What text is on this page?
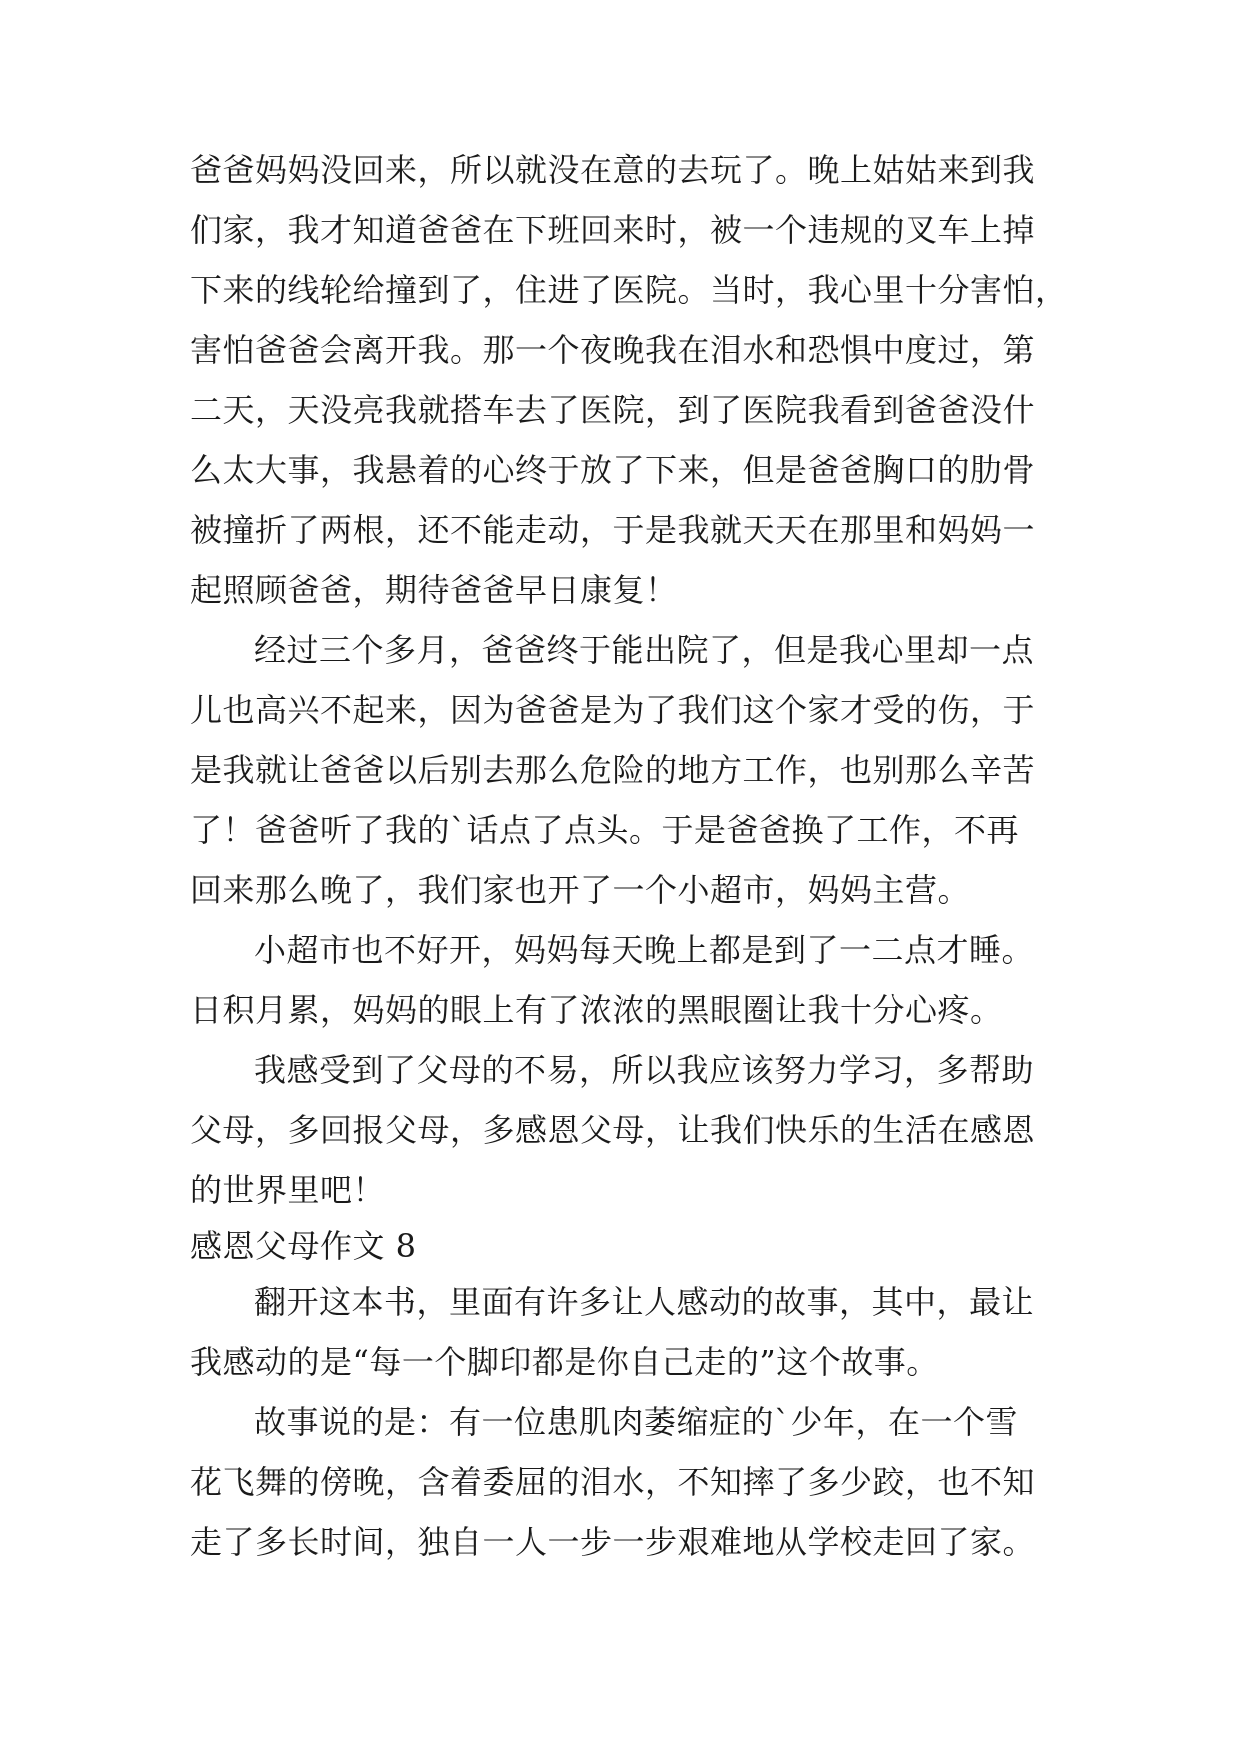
爸爸妈妈没回来，所以就没在意的去玩了。晚上姑姑来到我
们家，我才知道爸爸在下班回来时，被一个违规的叉车上掉
下来的线轮给撞到了，住进了医院。当时，我心里十分害怕，
害怕爸爸会离开我。那一个夜晚我在泪水和恐惧中度过，第
二天，天没亮我就搭车去了医院，到了医院我看到爸爸没什
么太大事，我悬着的心终于放了下来，但是爸爸胸口的肋骨
被撞折了两根，还不能走动，于是我就天天在那里和妈妈一
起照顾爸爸，期待爸爸早日康复！
经过三个多月，爸爸终于能出院了，但是我心里却一点
儿也高兴不起来，因为爸爸是为了我们这个家才受的伤，于
是我就让爸爸以后别去那么危险的地方工作，也别那么辛苦
了！爸爸听了我的`话点了点头。于是爸爸换了工作，不再
回来那么晚了，我们家也开了一个小超市，妈妈主营。
小超市也不好开，妈妈每天晚上都是到了一二点才睡。
日积月累，妈妈的眼上有了浓浓的黑眼圈让我十分心疼。
我感受到了父母的不易，所以我应该努力学习，多帮助
父母，多回报父母，多感恩父母，让我们快乐的生活在感恩
的世界里吧！
感恩父母作文 8
翻开这本书，里面有许多让人感动的故事，其中，最让
我感动的是“每一个脚印都是你自己走的”这个故事。
故事说的是：有一位患肌肉萎缩症的`少年，在一个雪
花飞舞的傍晚，含着委屈的泪水，不知摔了多少跤，也不知
走了多长时间，独自一人一步一步艰难地从学校走回了家。
